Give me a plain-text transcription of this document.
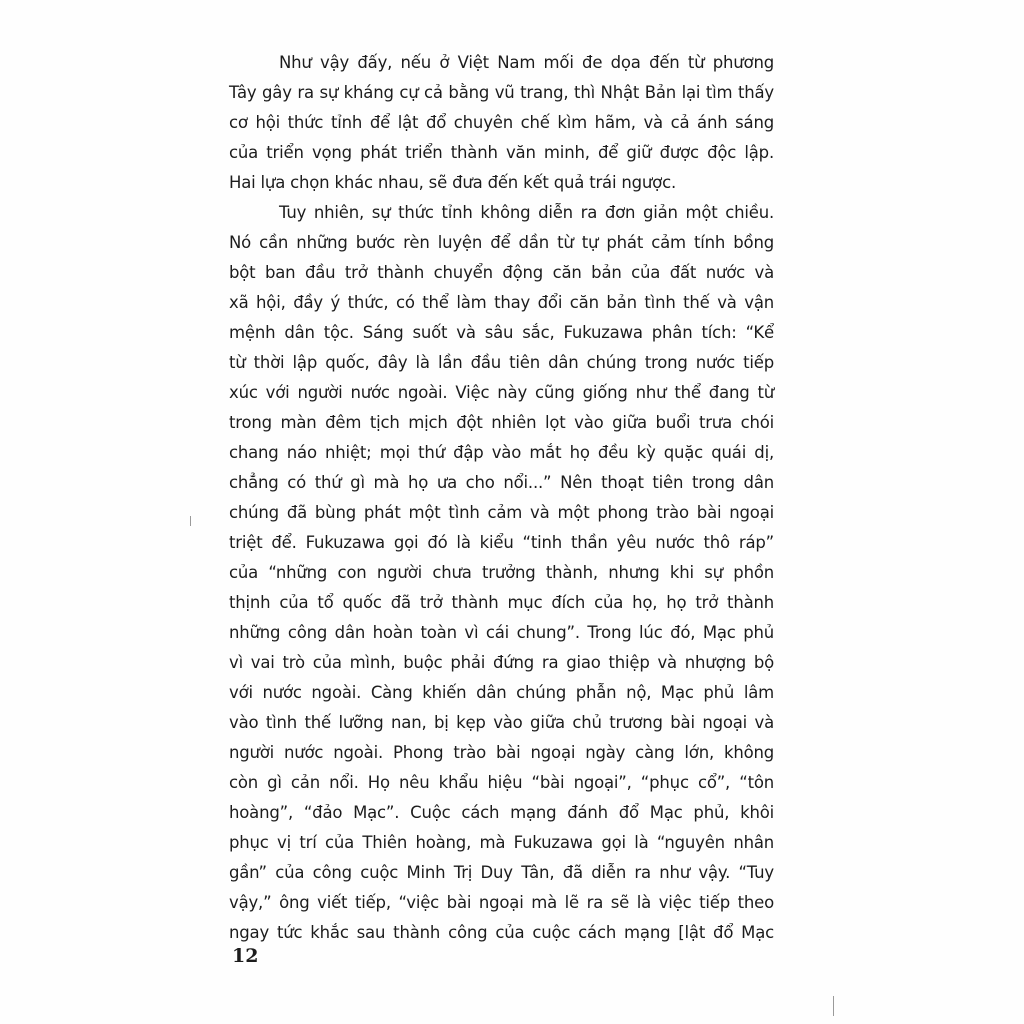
Như vậy đấy, nếu ở Việt Nam mối đe dọa đến từ phương
Tây gây ra sự kháng cự cả bằng vũ trang, thì Nhật Bản lại tìm thấy
cơ hội thức tỉnh để lật đổ chuyên chế kìm hãm, và cả ánh sáng
của triển vọng phát triển thành văn minh, để giữ được độc lập.
Hai lựa chọn khác nhau, sẽ đưa đến kết quả trái ngược.
Tuy nhiên, sự thức tỉnh không diễn ra đơn giản một chiều.
Nó cần những bước rèn luyện để dần từ tự phát cảm tính bồng
bột ban đầu trở thành chuyển động căn bản của đất nước và
xã hội, đầy ý thức, có thể làm thay đổi căn bản tình thế và vận
mệnh dân tộc. Sáng suốt và sâu sắc, Fukuzawa phân tích: “Kể
từ thời lập quốc, đây là lần đầu tiên dân chúng trong nước tiếp
xúc với người nước ngoài. Việc này cũng giống như thể đang từ
trong màn đêm tịch mịch đột nhiên lọt vào giữa buổi trưa chói
chang náo nhiệt; mọi thứ đập vào mắt họ đều kỳ quặc quái dị,
chẳng có thứ gì mà họ ưa cho nổi...” Nên thoạt tiên trong dân
chúng đã bùng phát một tình cảm và một phong trào bài ngoại
triệt để. Fukuzawa gọi đó là kiểu “tinh thần yêu nước thô ráp”
của “những con người chưa trưởng thành, nhưng khi sự phồn
thịnh của tổ quốc đã trở thành mục đích của họ, họ trở thành
những công dân hoàn toàn vì cái chung”. Trong lúc đó, Mạc phủ
vì vai trò của mình, buộc phải đứng ra giao thiệp và nhượng bộ
với nước ngoài. Càng khiến dân chúng phẫn nộ, Mạc phủ lâm
vào tình thế lưỡng nan, bị kẹp vào giữa chủ trương bài ngoại và
người nước ngoài. Phong trào bài ngoại ngày càng lớn, không
còn gì cản nổi. Họ nêu khẩu hiệu “bài ngoại”, “phục cổ”, “tôn
hoàng”, “đảo Mạc”. Cuộc cách mạng đánh đổ Mạc phủ, khôi
phục vị trí của Thiên hoàng, mà Fukuzawa gọi là “nguyên nhân
gần” của công cuộc Minh Trị Duy Tân, đã diễn ra như vậy. “Tuy
vậy,” ông viết tiếp, “việc bài ngoại mà lẽ ra sẽ là việc tiếp theo
ngay tức khắc sau thành công của cuộc cách mạng [lật đổ Mạc
12
